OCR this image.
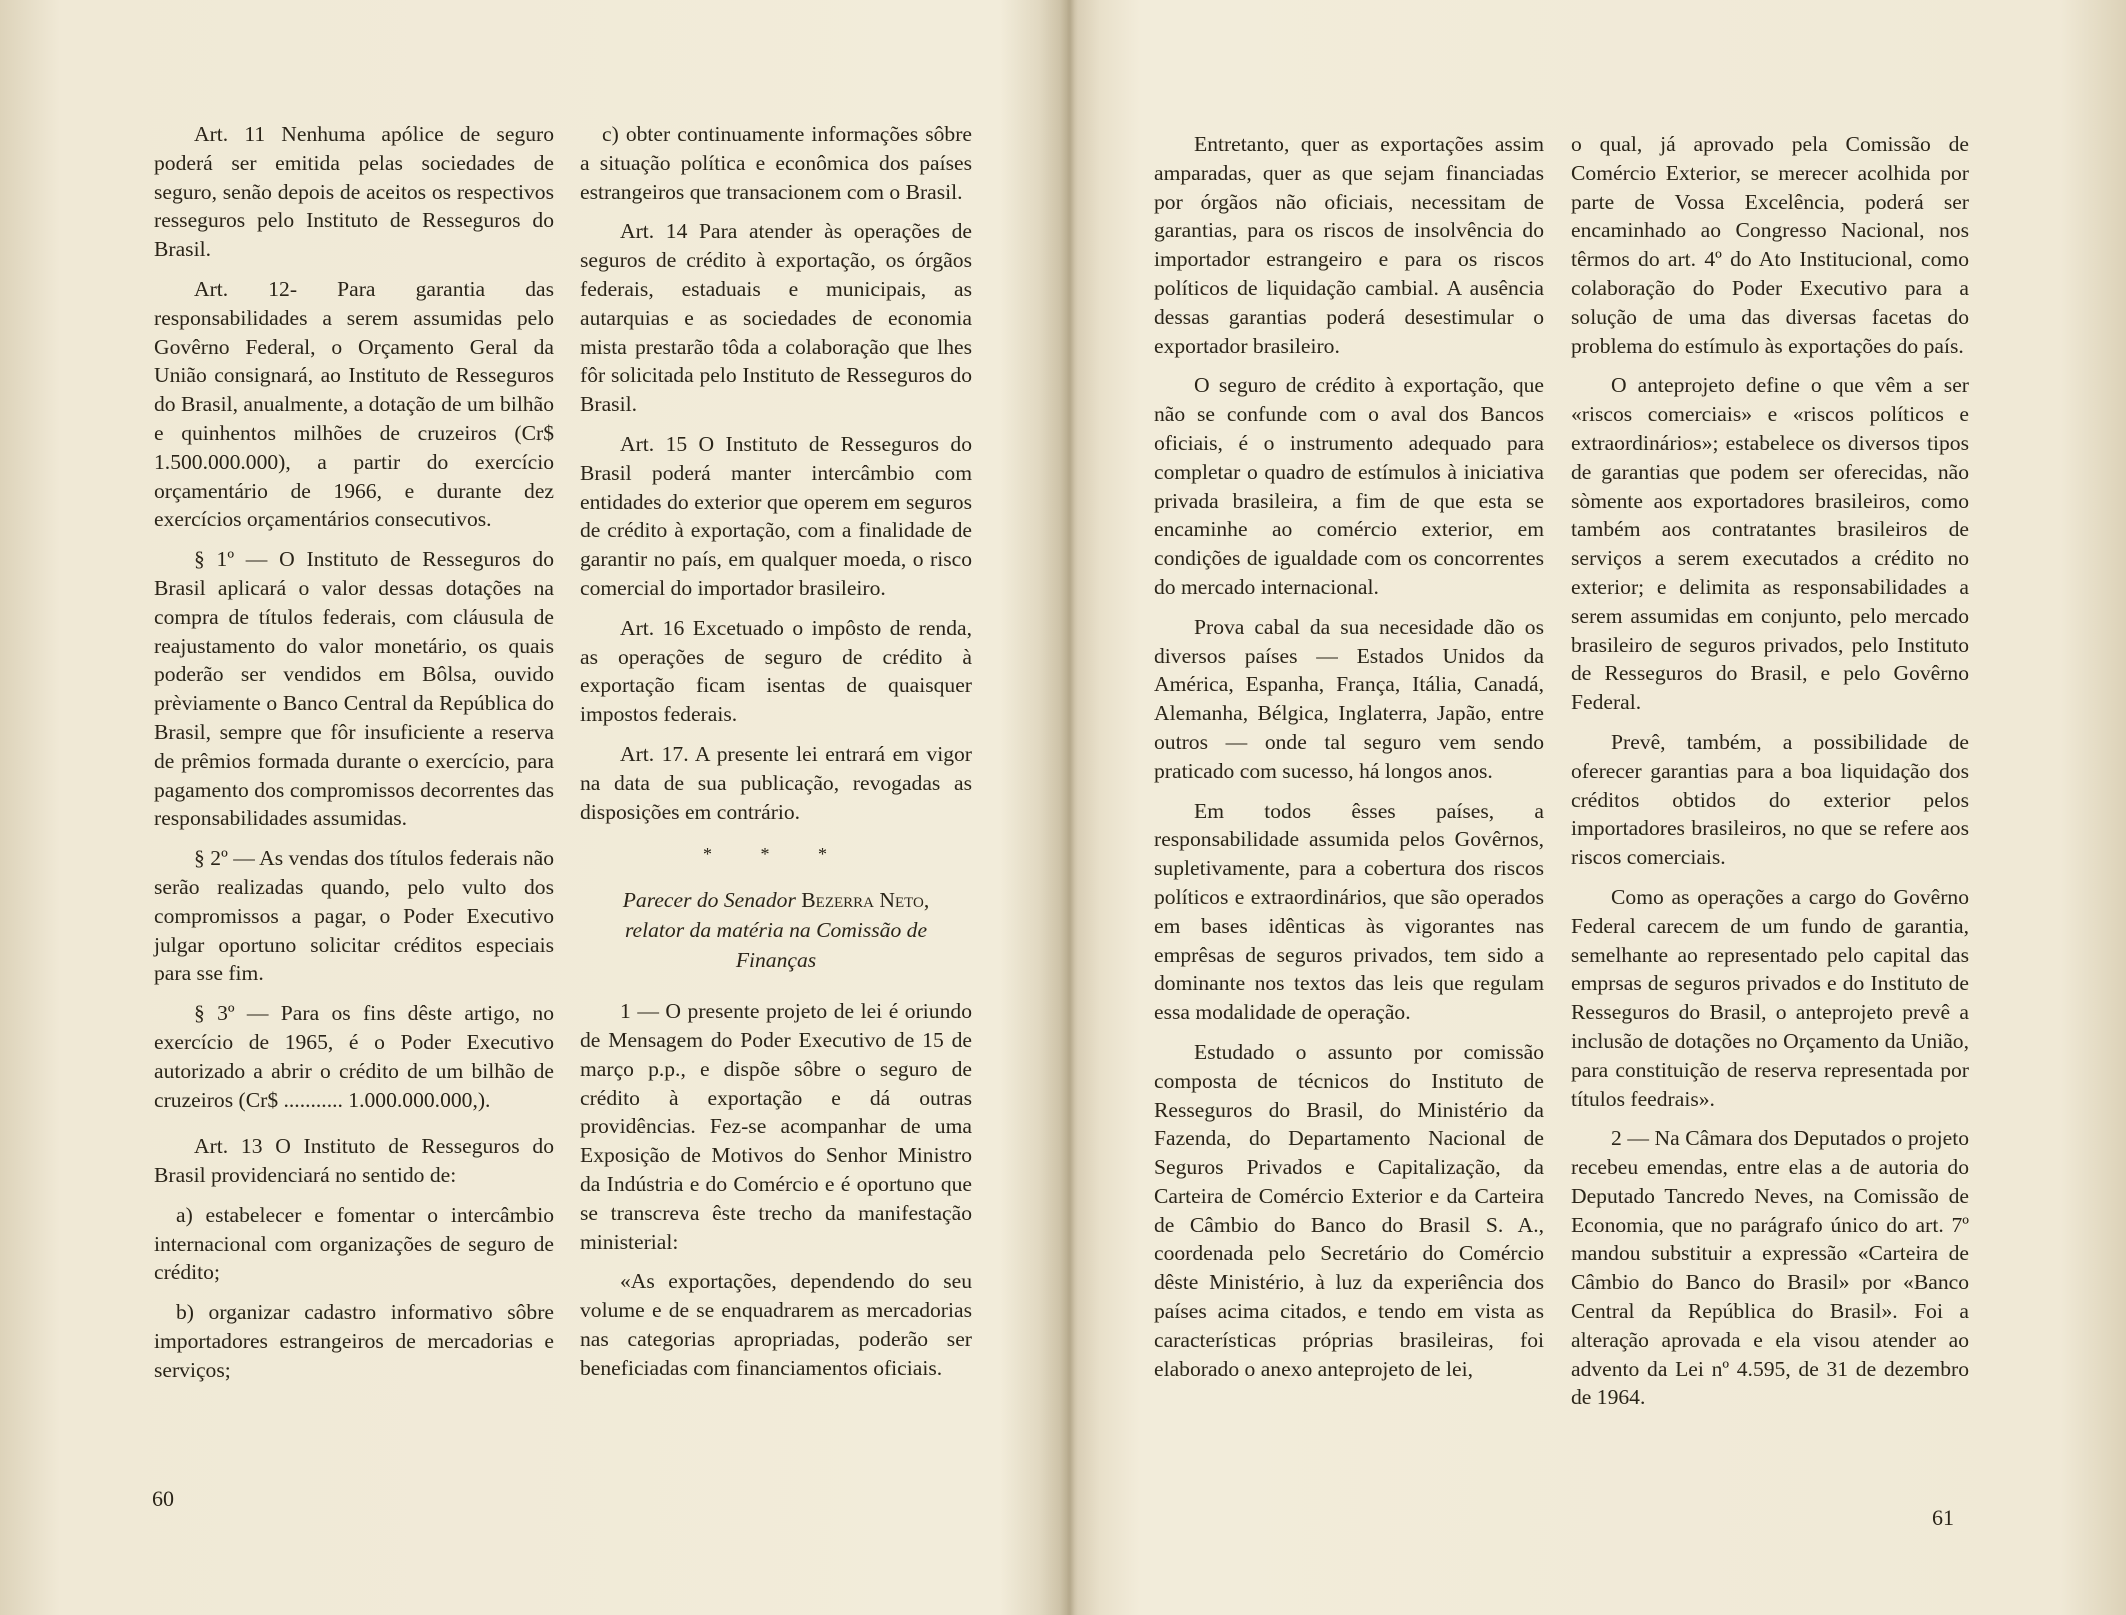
Art. 11 Nenhuma apólice de seguro poderá ser emitida pelas sociedades de seguro, senão depois de aceitos os respectivos resseguros pelo Instituto de Resseguros do Brasil.

Art. 12- Para garantia das responsabilidades a serem assumidas pelo Govêrno Federal, o Orçamento Geral da União consignará, ao Instituto de Resseguros do Brasil, anualmente, a dotação de um bilhão e quinhentos milhões de cruzeiros (Cr$ 1.500.000.000), a partir do exercício orçamentário de 1966, e durante dez exercícios orçamentários consecutivos.

§ 1º — O Instituto de Resseguros do Brasil aplicará o valor dessas dotações na compra de títulos federais, com cláusula de reajustamento do valor monetário, os quais poderão ser vendidos em Bôlsa, ouvido prèviamente o Banco Central da República do Brasil, sempre que fôr insuficiente a reserva de prêmios formada durante o exercício, para pagamento dos compromissos decorrentes das responsabilidades assumidas.

§ 2º — As vendas dos títulos federais não serão realizadas quando, pelo vulto dos compromissos a pagar, o Poder Executivo julgar oportuno solicitar créditos especiais para sse fim.

§ 3º — Para os fins dêste artigo, no exercício de 1965, é o Poder Executivo autorizado a abrir o crédito de um bilhão de cruzeiros (Cr$ ........... 1.000.000.000,).

Art. 13 O Instituto de Resseguros do Brasil providenciará no sentido de:

a) estabelecer e fomentar o intercâmbio internacional com organizações de seguro de crédito;

b) organizar cadastro informativo sôbre importadores estrangeiros de mercadorias e serviços;

c) obter continuamente informações sôbre a situação política e econômica dos países estrangeiros que transacionem com o Brasil.

Art. 14 Para atender às operações de seguros de crédito à exportação, os órgãos federais, estaduais e municipais, as autarquias e as sociedades de economia mista prestarão tôda a colaboração que lhes fôr solicitada pelo Instituto de Resseguros do Brasil.

Art. 15 O Instituto de Resseguros do Brasil poderá manter intercâmbio com entidades do exterior que operem em seguros de crédito à exportação, com a finalidade de garantir no país, em qualquer moeda, o risco comercial do importador brasileiro.

Art. 16 Excetuado o impôsto de renda, as operações de seguro de crédito à exportação ficam isentas de quaisquer impostos federais.

Art. 17. A presente lei entrará em vigor na data de sua publicação, revogadas as disposições em contrário.

* * *
Parecer do Senador Bezerra Neto, relator da matéria na Comissão de Finanças

1 — O presente projeto de lei é oriundo de Mensagem do Poder Executivo de 15 de março p.p., e dispõe sôbre o seguro de crédito à exportação e dá outras providências. Fez-se acompanhar de uma Exposição de Motivos do Senhor Ministro da Indústria e do Comércio e é oportuno que se transcreva êste trecho da manifestação ministerial:

«As exportações, dependendo do seu volume e de se enquadrarem as mercadorias nas categorias apropriadas, poderão ser beneficiadas com financiamentos oficiais.

60

Entretanto, quer as exportações assim amparadas, quer as que sejam financiadas por órgãos não oficiais, necessitam de garantias, para os riscos de insolvência do importador estrangeiro e para os riscos políticos de liquidação cambial. A ausência dessas garantias poderá desestimular o exportador brasileiro.

O seguro de crédito à exportação, que não se confunde com o aval dos Bancos oficiais, é o instrumento adequado para completar o quadro de estímulos à iniciativa privada brasileira, a fim de que esta se encaminhe ao comércio exterior, em condições de igualdade com os concorrentes do mercado internacional.

Prova cabal da sua necesidade dão os diversos países — Estados Unidos da América, Espanha, França, Itália, Canadá, Alemanha, Bélgica, Inglaterra, Japão, entre outros — onde tal seguro vem sendo praticado com sucesso, há longos anos.

Em todos êsses países, a responsabilidade assumida pelos Govêrnos, supletivamente, para a cobertura dos riscos políticos e extraordinários, que são operados em bases idênticas às vigorantes nas emprêsas de seguros privados, tem sido a dominante nos textos das leis que regulam essa modalidade de operação.

Estudado o assunto por comissão composta de técnicos do Instituto de Resseguros do Brasil, do Ministério da Fazenda, do Departamento Nacional de Seguros Privados e Capitalização, da Carteira de Comércio Exterior e da Carteira de Câmbio do Banco do Brasil S. A., coordenada pelo Secretário do Comércio dêste Ministério, à luz da experiência dos países acima citados, e tendo em vista as características próprias brasileiras, foi elaborado o anexo anteprojeto de lei,

o qual, já aprovado pela Comissão de Comércio Exterior, se merecer acolhida por parte de Vossa Excelência, poderá ser encaminhado ao Congresso Nacional, nos têrmos do art. 4º do Ato Institucional, como colaboração do Poder Executivo para a solução de uma das diversas facetas do problema do estímulo às exportações do país.

O anteprojeto define o que vêm a ser «riscos comerciais» e «riscos políticos e extraordinários»; estabelece os diversos tipos de garantias que podem ser oferecidas, não sòmente aos exportadores brasileiros, como também aos contratantes brasileiros de serviços a serem executados a crédito no exterior; e delimita as responsabilidades a serem assumidas em conjunto, pelo mercado brasileiro de seguros privados, pelo Instituto de Resseguros do Brasil, e pelo Govêrno Federal.

Prevê, também, a possibilidade de oferecer garantias para a boa liquidação dos créditos obtidos do exterior pelos importadores brasileiros, no que se refere aos riscos comerciais.

Como as operações a cargo do Govêrno Federal carecem de um fundo de garantia, semelhante ao representado pelo capital das emprsas de seguros privados e do Instituto de Resseguros do Brasil, o anteprojeto prevê a inclusão de dotações no Orçamento da União, para constituição de reserva representada por títulos feedrais».

2 — Na Câmara dos Deputados o projeto recebeu emendas, entre elas a de autoria do Deputado Tancredo Neves, na Comissão de Economia, que no parágrafo único do art. 7º mandou substituir a expressão «Carteira de Câmbio do Banco do Brasil» por «Banco Central da República do Brasil». Foi a alteração aprovada e ela visou atender ao advento da Lei nº 4.595, de 31 de dezembro de 1964.

61
